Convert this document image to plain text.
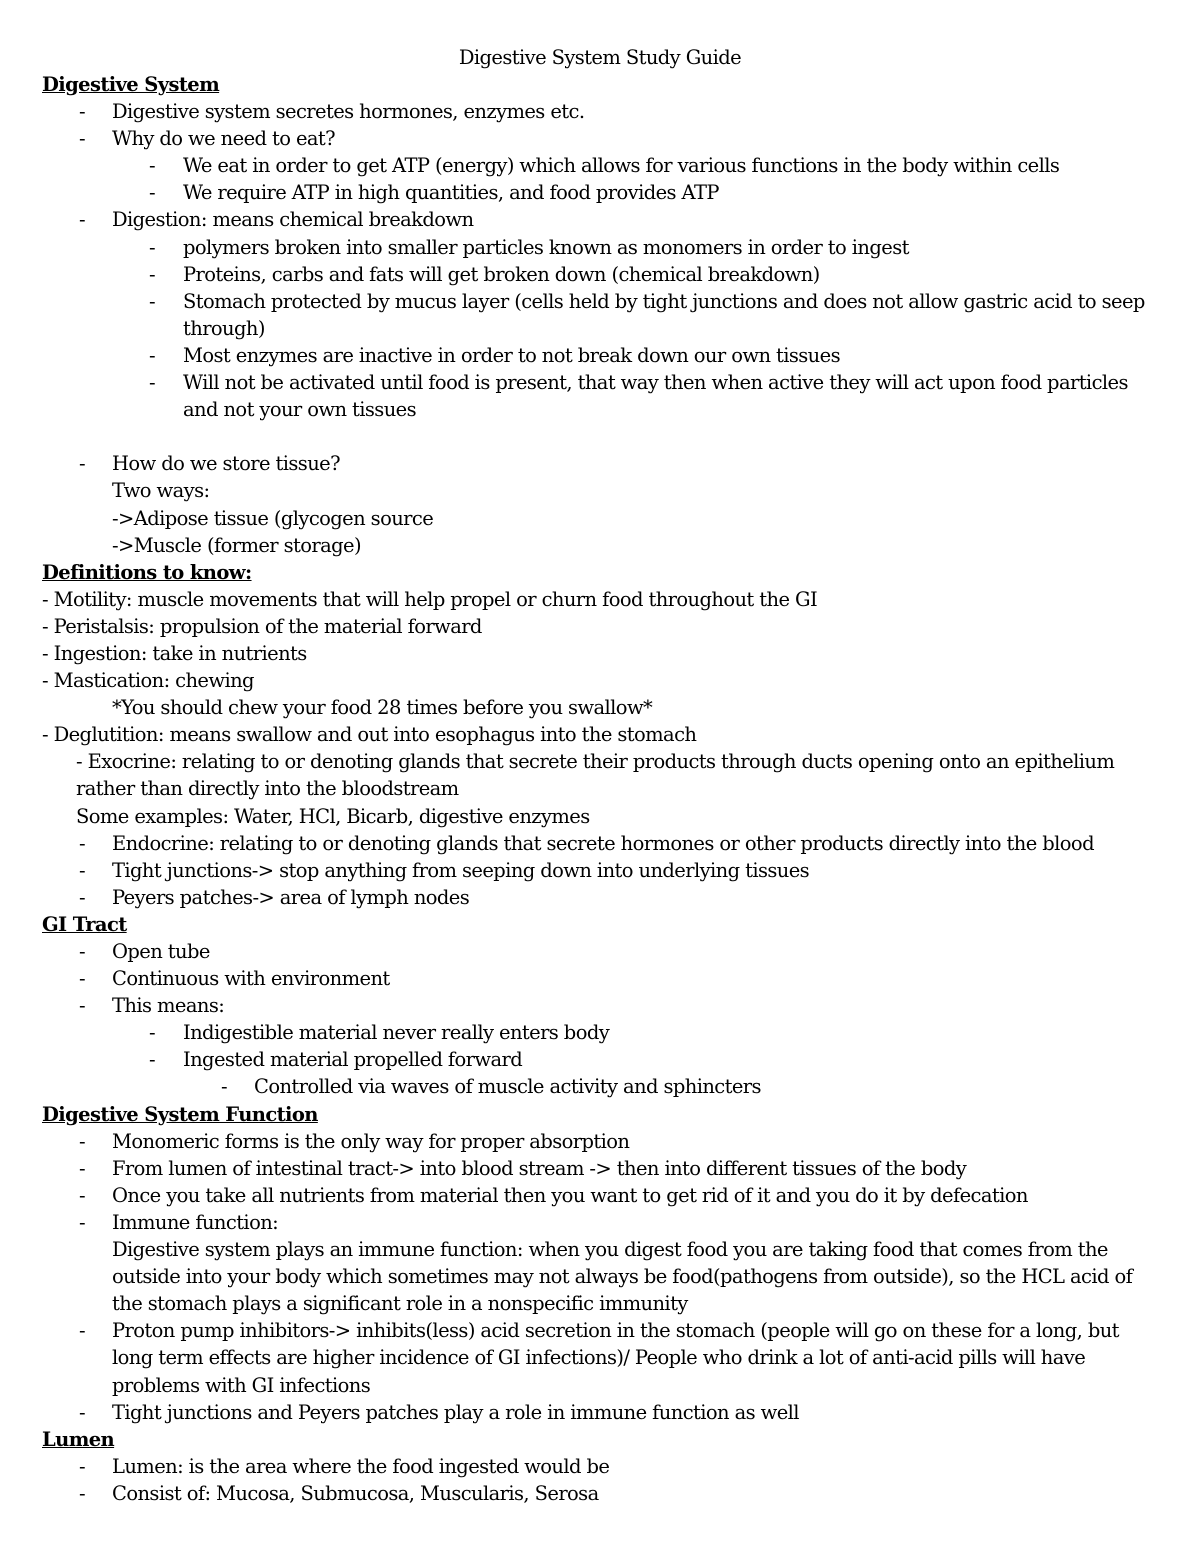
Digestive System Study Guide
Digestive System
- Digestive system secretes hormones, enzymes etc.
- Why do we need to eat?
- We eat in order to get ATP (energy) which allows for various functions in the body within cells
- We require ATP in high quantities, and food provides ATP
- Digestion: means chemical breakdown
- polymers broken into smaller particles known as monomers in order to ingest
- Proteins, carbs and fats will get broken down (chemical breakdown)
- Stomach protected by mucus layer (cells held by tight junctions and does not allow gastric acid to seep
through)
- Most enzymes are inactive in order to not break down our own tissues
- Will not be activated until food is present, that way then when active they will act upon food particles
and not your own tissues
- How do we store tissue?
Two ways:
->Adipose tissue (glycogen source
->Muscle (former storage)
Definitions to know:
- Motility: muscle movements that will help propel or churn food throughout the GI
- Peristalsis: propulsion of the material forward
- Ingestion: take in nutrients
- Mastication: chewing
*You should chew your food 28 times before you swallow*
- Deglutition: means swallow and out into esophagus into the stomach
- Exocrine: relating to or denoting glands that secrete their products through ducts opening onto an epithelium
rather than directly into the bloodstream
Some examples: Water, HCl, Bicarb, digestive enzymes
- Endocrine: relating to or denoting glands that secrete hormones or other products directly into the blood
- Tight junctions-> stop anything from seeping down into underlying tissues
- Peyers patches-> area of lymph nodes
GI Tract
- Open tube
- Continuous with environment
- This means:
- Indigestible material never really enters body
- Ingested material propelled forward
- Controlled via waves of muscle activity and sphincters
Digestive System Function
- Monomeric forms is the only way for proper absorption
- From lumen of intestinal tract-> into blood stream -> then into different tissues of the body
- Once you take all nutrients from material then you want to get rid of it and you do it by defecation
- Immune function:
Digestive system plays an immune function: when you digest food you are taking food that comes from the
outside into your body which sometimes may not always be food(pathogens from outside), so the HCL acid of
the stomach plays a significant role in a nonspecific immunity
- Proton pump inhibitors-> inhibits(less) acid secretion in the stomach (people will go on these for a long, but
long term effects are higher incidence of GI infections)/ People who drink a lot of anti-acid pills will have
problems with GI infections
- Tight junctions and Peyers patches play a role in immune function as well
Lumen
- Lumen: is the area where the food ingested would be
- Consist of: Mucosa, Submucosa, Muscularis, Serosa
